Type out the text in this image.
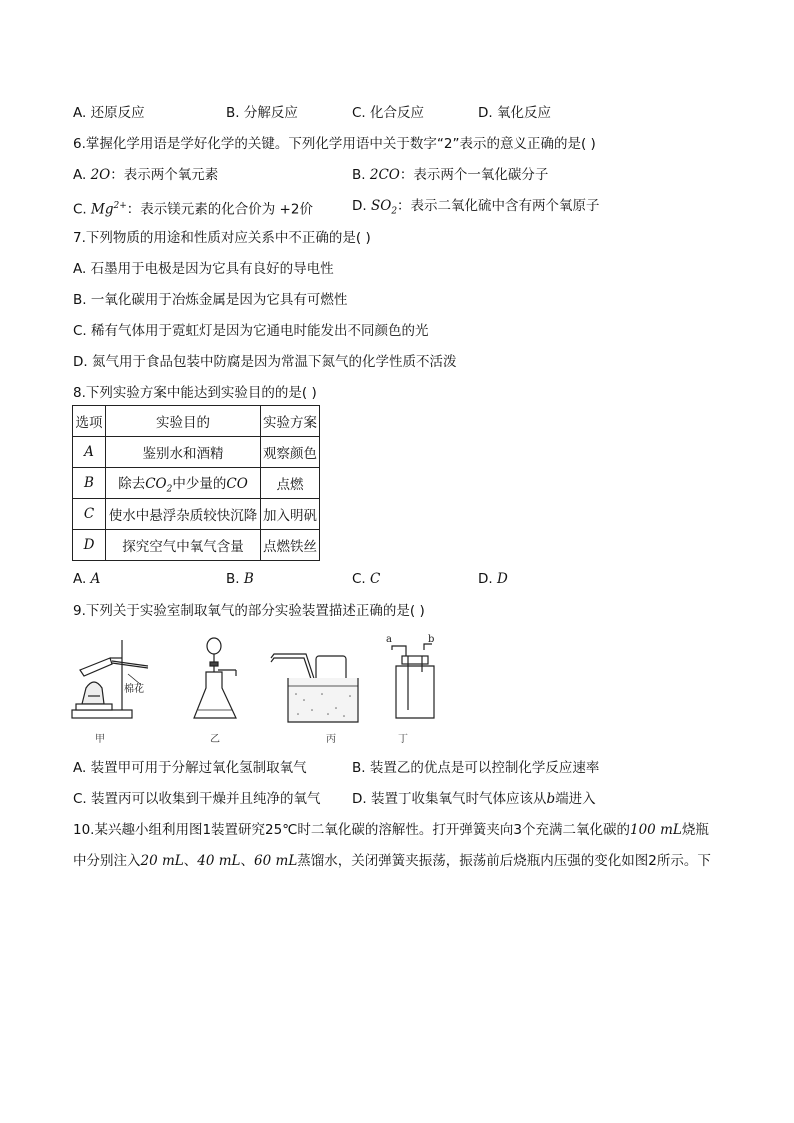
A. 还原反应	B. 分解反应	C. 化合反应	D. 氧化反应
6.掌握化学用语是学好化学的关键。下列化学用语中关于数字“2”表示的意义正确的是( )
A. 2O：表示两个氧元素	B. 2CO：表示两个一氧化碳分子
C. $Mg^{2+}$：表示镁元素的化合价为 +2价	D. $SO_2$：表示二氧化硫中含有两个氧原子
7.下列物质的用途和性质对应关系中不正确的是( )
A. 石墨用于电极是因为它具有良好的导电性
B. 一氧化碳用于冶炼金属是因为它具有可燃性
C. 稀有气体用于霓虹灯是因为它通电时能发出不同颜色的光
D. 氮气用于食品包装中防腐是因为常温下氮气的化学性质不活泼
8.下列实验方案中能达到实验目的的是( )
选项	实验目的	实验方案
A	鉴别水和酒精	观察颜色
B	除去$CO_2$中少量的CO	点燃
C	使水中悬浮杂质较快沉降	加入明矾
D	探究空气中氧气含量	点燃铁丝
A. A	B. B	C. C	D. D
9.下列关于实验室制取氧气的部分实验装置描述正确的是( )
棉花
a	b
甲	乙	丙	丁
A. 装置甲可用于分解过氧化氢制取氧气	B. 装置乙的优点是可以控制化学反应速率
C. 装置丙可以收集到干燥并且纯净的氧气 D. 装置丁收集氧气时气体应该从b端进入
10.某兴趣小组利用图1装置研究25℃时二氧化碳的溶解性。打开弹簧夹向3个充满二氧化碳的100 mL烧瓶
中分别注入20 mL、40 mL、60 mL蒸馏水，关闭弹簧夹振荡，振荡前后烧瓶内压强的变化如图2所示。下
